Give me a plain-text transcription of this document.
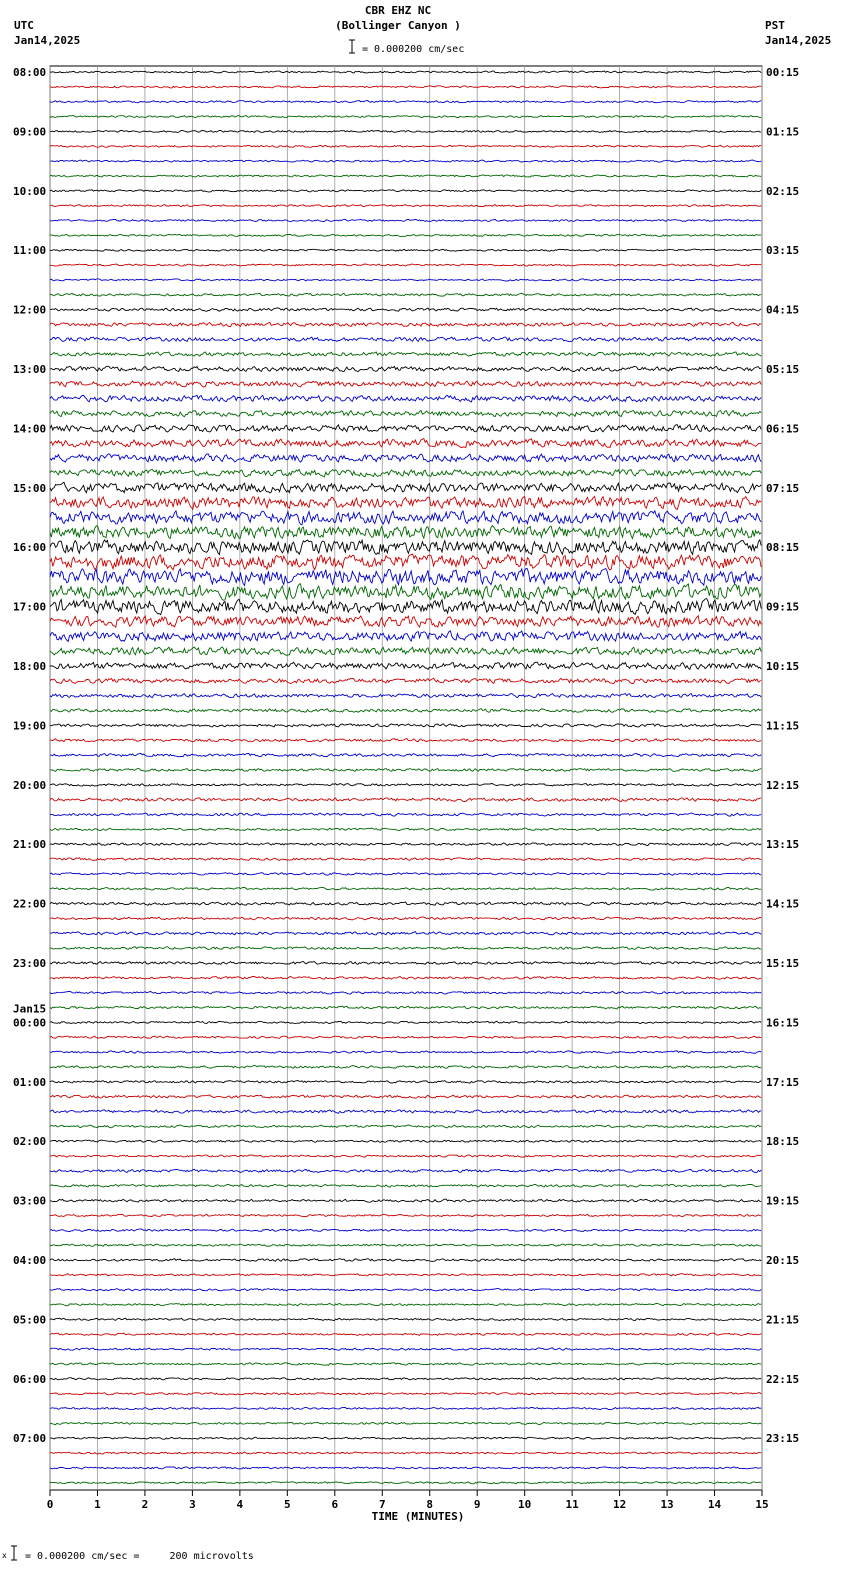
CBR EHZ NC
(Bollinger Canyon )
= 0.000200 cm/sec
UTC
Jan14,2025
PST
Jan14,2025
08:00
09:00
10:00
11:00
12:00
13:00
14:00
15:00
16:00
17:00
18:00
19:00
20:00
21:00
22:00
23:00
00:00
Jan15
01:00
02:00
03:00
04:00
05:00
06:00
07:00
00:15
01:15
02:15
03:15
04:15
05:15
06:15
07:15
08:15
09:15
10:15
11:15
12:15
13:15
14:15
15:15
16:15
17:15
18:15
19:15
20:15
21:15
22:15
23:15
0	1	2	3	4	5	6	7	8	9	10	11	12	13	14	15
TIME (MINUTES)
x = 0.000200 cm/sec =     200 microvolts
